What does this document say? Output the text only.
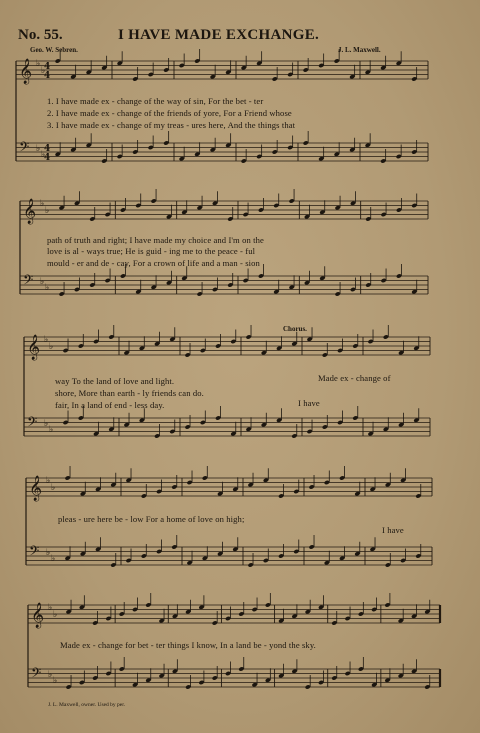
No. 55.	I HAVE MADE EXCHANGE.
Geo. W. Sebren.	J. L. Maxwell.
𝄞 ♭
♭
𝄢 ♭
♭
𝄞 ♭
♭
𝄢 ♭
♭
𝄞 ♭
♭
𝄢 ♭
♭
𝄞 ♭
♭
𝄢 ♭
♭
𝄞 ♭
♭
𝄢 ♭
♭
4
4
4
4
1. I have made ex - change of the way of sin, For the bet - ter
2. I have made ex - change of the friends of yore, For a Friend whose
3. I have made ex - change of my treas - ures here, And the things that
path of truth and right; I have made my choice and I'm on the
love is al - ways true; He is guid - ing me to the peace - ful
mould - er and de - cay, For a crown of life and a man - sion
Chorus.
way To the land of love and light.
shore, More than earth - ly friends can do.
fair, In a land of end - less day.
Made ex - change of
I have
pleas - ure here be - low For a home of love on high;
I have
Made ex - change for bet - ter things I know, In a land be - yond the sky.
J. L. Maxwell, owner. Used by per.
